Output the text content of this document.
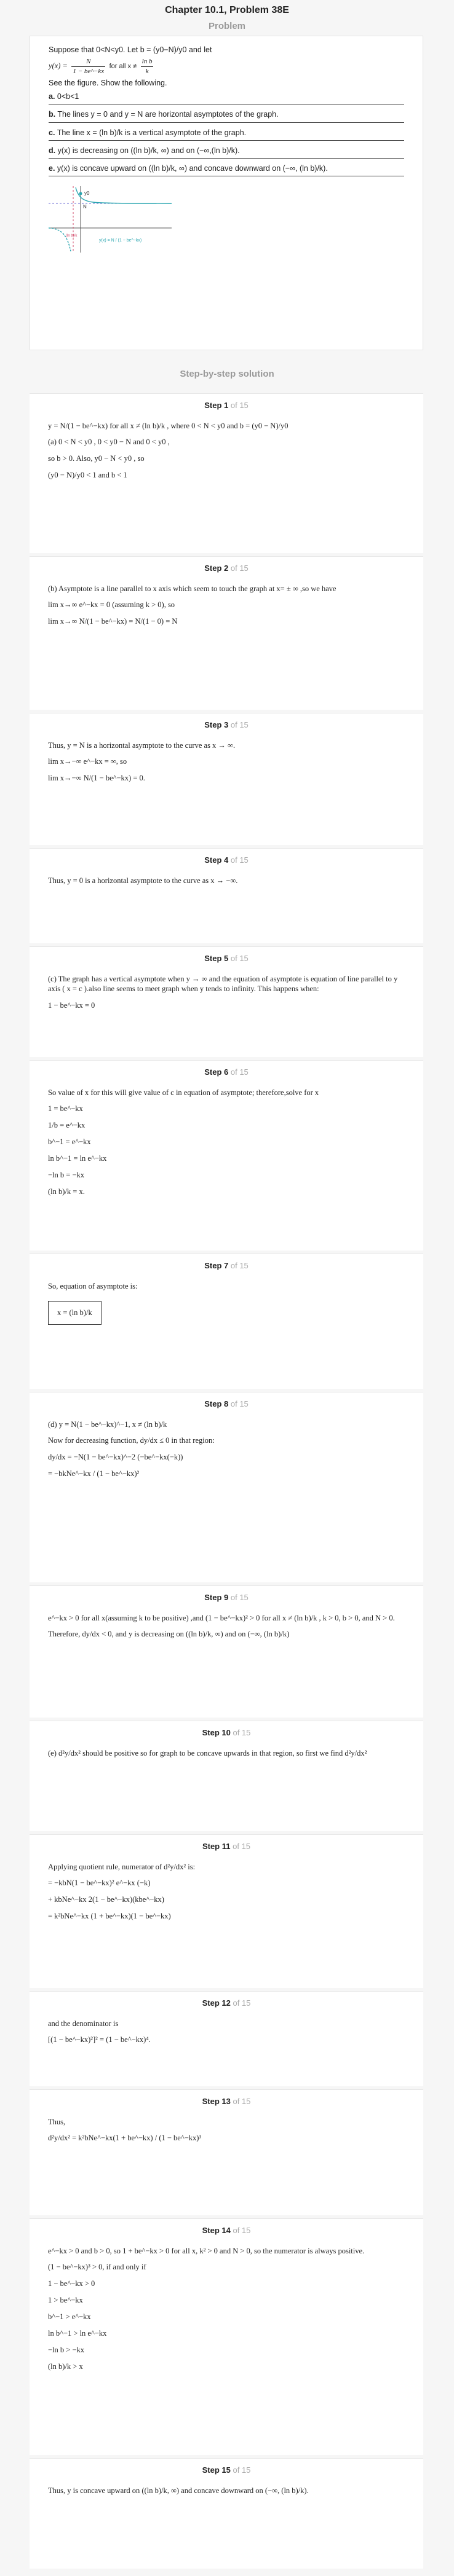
Chapter 10.1, Problem 38E
Problem

Suppose that 0<N<y0. Let b = (y0−N)/y0 and let

$y(x) = \frac{N}{1 - be\^{}-kx}$ for all $x \ne \frac{\text{ln b}}{k}$

See the figure. Show the following.

a. 0<b<1
b. The lines y = 0 and y = N are horizontal asymptotes of the graph.
c. The line x = (ln b)/k is a vertical asymptote of the graph.
d. y(x) is decreasing on ((ln b)/k, ∞) and on (−∞,(ln b)/k).
e. y(x) is concave upward on ((ln b)/k, ∞) and concave downward on (−∞, (ln b)/k).
y0
N
y(x) = N / (1 − be^−kx)
(ln b)/k
Step-by-step solution
Step 1 of 15
y = N/(1 − be^−kx) for all x ≠ (ln b)/k , where 0 < N < y0 and b = (y0 − N)/y0
(a) 0 < N < y0 , 0 < y0 − N and 0 < y0 ,
so b > 0. Also, y0 − N < y0 , so
(y0 − N)/y0 < 1 and b < 1
Step 2 of 15
(b) Asymptote is a line parallel to x axis which seem to touch the graph at x= ± ∞ ,so we have
lim x→∞ e^−kx = 0 (assuming k > 0), so
lim x→∞ N/(1 − be^−kx) = N/(1 − 0) = N
Step 3 of 15
Thus, y = N is a horizontal asymptote to the curve as x → ∞.
lim x→−∞ e^−kx = ∞, so
lim x→−∞ N/(1 − be^−kx) = 0.
Step 4 of 15
Thus, y = 0 is a horizontal asymptote to the curve as x → −∞.
Step 5 of 15
(c) The graph has a vertical asymptote when y → ∞ and the equation of asymptote is equation of line parallel to y axis ( x = c ).also line seems to meet graph when y tends to infinity. This happens when:
1 − be^−kx = 0
Step 6 of 15
So value of x for this will give value of c in equation of asymptote; therefore,solve for x
1 = be^−kx
1/b = e^−kx
b^−1 = e^−kx
ln b^−1 = ln e^−kx
−ln b = −kx
(ln b)/k = x.
Step 7 of 15
So, equation of asymptote is:
x = (ln b)/k
Step 8 of 15
(d) y = N(1 − be^−kx)^−1, x ≠ (ln b)/k
Now for decreasing function, dy/dx ≤ 0 in that region:
dy/dx = −N(1 − be^−kx)^−2 (−be^−kx(−k))
= −bkNe^−kx / (1 − be^−kx)²
Step 9 of 15
e^−kx > 0 for all x(assuming k to be positive) ,and (1 − be^−kx)² > 0 for all x ≠ (ln b)/k , k > 0, b > 0, and N > 0.
Therefore, dy/dx < 0, and y is decreasing on ((ln b)/k, ∞) and on (−∞, (ln b)/k)
Step 10 of 15
(e) d²y/dx² should be positive so for graph to be concave upwards in that region, so first we find d²y/dx²
Step 11 of 15
Applying quotient rule, numerator of d²y/dx² is:
= −kbN(1 − be^−kx)² e^−kx (−k)
+ kbNe^−kx 2(1 − be^−kx)(kbe^−kx)
= k²bNe^−kx (1 + be^−kx)(1 − be^−kx)
Step 12 of 15
and the denominator is
[(1 − be^−kx)²]² = (1 − be^−kx)⁴.
Step 13 of 15
Thus,
d²y/dx² = k²bNe^−kx(1 + be^−kx) / (1 − be^−kx)³
Step 14 of 15
e^−kx > 0 and b > 0, so 1 + be^−kx > 0 for all x, k² > 0 and N > 0, so the numerator is always positive.
(1 − be^−kx)³ > 0, if and only if
1 − be^−kx > 0
1 > be^−kx
b^−1 > e^−kx
ln b^−1 > ln e^−kx
−ln b > −kx
(ln b)/k > x
Step 15 of 15
Thus, y is concave upward on ((ln b)/k, ∞) and concave downward on (−∞, (ln b)/k).
